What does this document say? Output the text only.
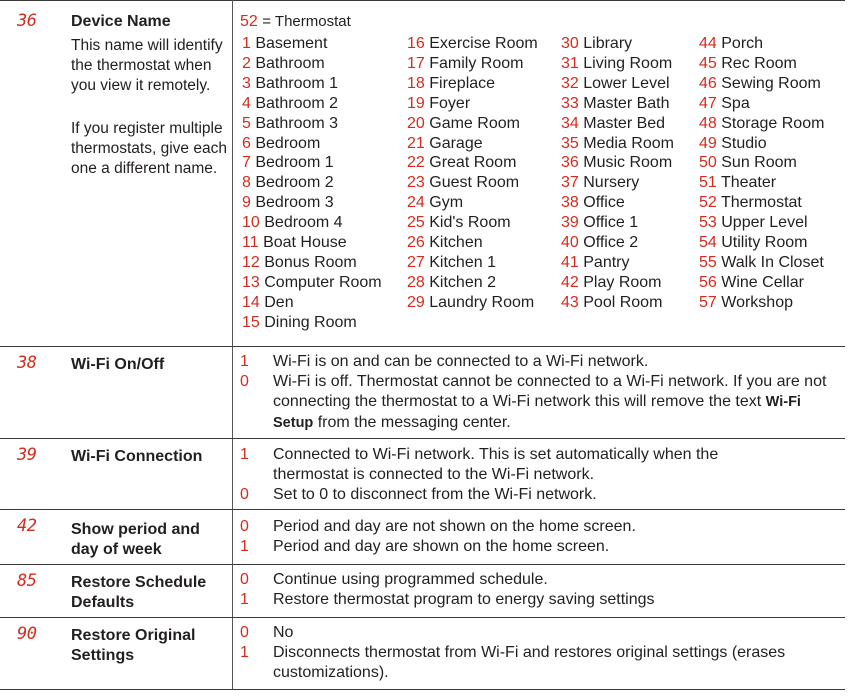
36 Device Name
This name will identify the thermostat when you view it remotely.
If you register multiple thermostats, give each one a different name.
52 = Thermostat
1 Basement
2 Bathroom
3 Bathroom 1
4 Bathroom 2
5 Bathroom 3
6 Bedroom
7 Bedroom 1
8 Bedroom 2
9 Bedroom 3
10 Bedroom 4
11 Boat House
12 Bonus Room
13 Computer Room
14 Den
15 Dining Room
16 Exercise Room
17 Family Room
18 Fireplace
19 Foyer
20 Game Room
21 Garage
22 Great Room
23 Guest Room
24 Gym
25 Kid's Room
26 Kitchen
27 Kitchen 1
28 Kitchen 2
29 Laundry Room
30 Library
31 Living Room
32 Lower Level
33 Master Bath
34 Master Bed
35 Media Room
36 Music Room
37 Nursery
38 Office
39 Office 1
40 Office 2
41 Pantry
42 Play Room
43 Pool Room
44 Porch
45 Rec Room
46 Sewing Room
47 Spa
48 Storage Room
49 Studio
50 Sun Room
51 Theater
52 Thermostat
53 Upper Level
54 Utility Room
55 Walk In Closet
56 Wine Cellar
57 Workshop
38 Wi-Fi On/Off	1 Wi-Fi is on and can be connected to a Wi-Fi network.
0 Wi-Fi is off. Thermostat cannot be connected to a Wi-Fi network. If you are not connecting the thermostat to a Wi-Fi network this will remove the text Wi-Fi Setup from the messaging center.
39 Wi-Fi Connection	1 Connected to Wi-Fi network. This is set automatically when the thermostat is connected to the Wi-Fi network.
0 Set to 0 to disconnect from the Wi-Fi network.
42 Show period and day of week
0 Period and day are not shown on the home screen.
1 Period and day are shown on the home screen.
85 Restore Schedule Defaults
0 Continue using programmed schedule.
1 Restore thermostat program to energy saving settings
90 Restore Original Settings
0 No
1 Disconnects thermostat from Wi-Fi and restores original settings (erases customizations).
